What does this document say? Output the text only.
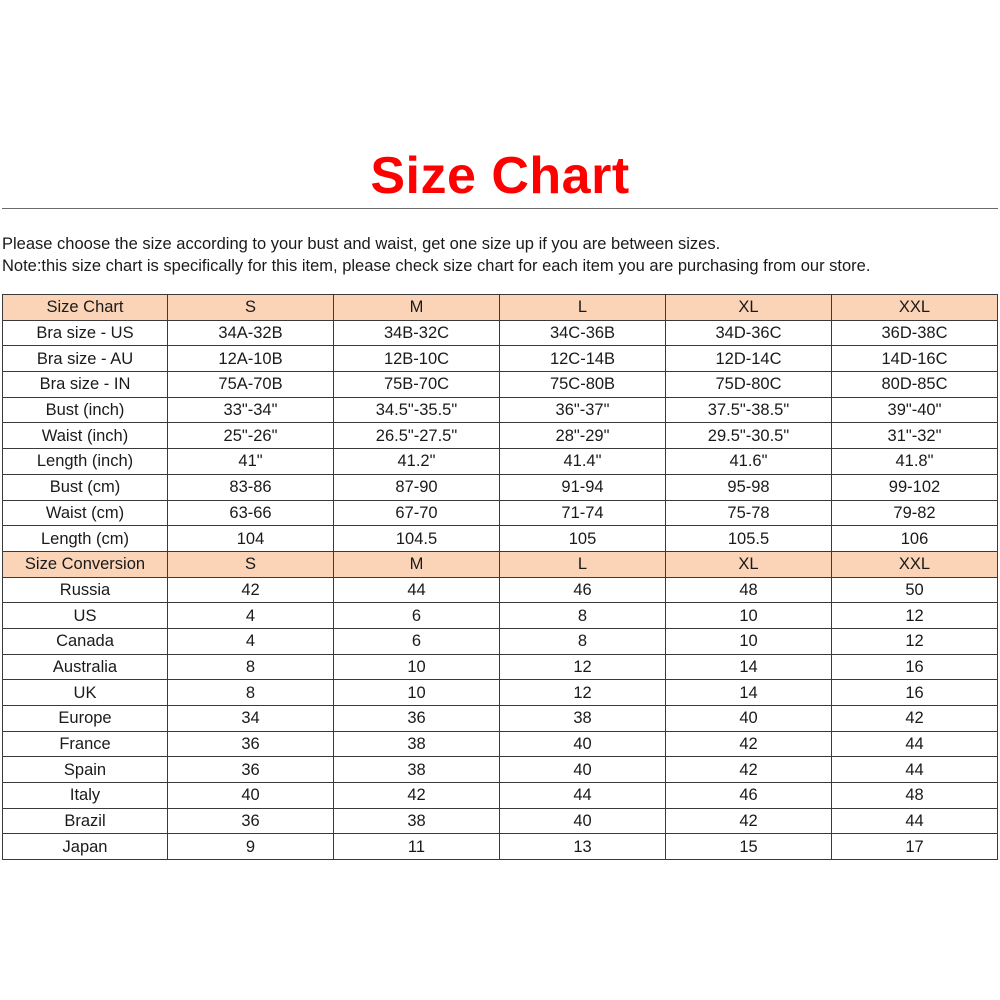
Size Chart
Please choose the size according to your bust and waist, get one size up if you are between sizes.
Note:this size chart is specifically for this item, please check size chart for each item you are purchasing from our store.
Size Chart	S	M	L	XL	XXL
Bra size - US	34A-32B	34B-32C	34C-36B	34D-36C	36D-38C
Bra size - AU	12A-10B	12B-10C	12C-14B	12D-14C	14D-16C
Bra size - IN	75A-70B	75B-70C	75C-80B	75D-80C	80D-85C
Bust (inch)	33"-34"	34.5"-35.5"	36"-37"	37.5"-38.5"	39"-40"
Waist (inch)	25"-26"	26.5"-27.5"	28"-29"	29.5"-30.5"	31"-32"
Length (inch)	41"	41.2"	41.4"	41.6"	41.8"
Bust (cm)	83-86	87-90	91-94	95-98	99-102
Waist (cm)	63-66	67-70	71-74	75-78	79-82
Length (cm)	104	104.5	105	105.5	106
Size Conversion	S	M	L	XL	XXL
Russia	42	44	46	48	50
US	4	6	8	10	12
Canada	4	6	8	10	12
Australia	8	10	12	14	16
UK	8	10	12	14	16
Europe	34	36	38	40	42
France	36	38	40	42	44
Spain	36	38	40	42	44
Italy	40	42	44	46	48
Brazil	36	38	40	42	44
Japan	9	11	13	15	17
